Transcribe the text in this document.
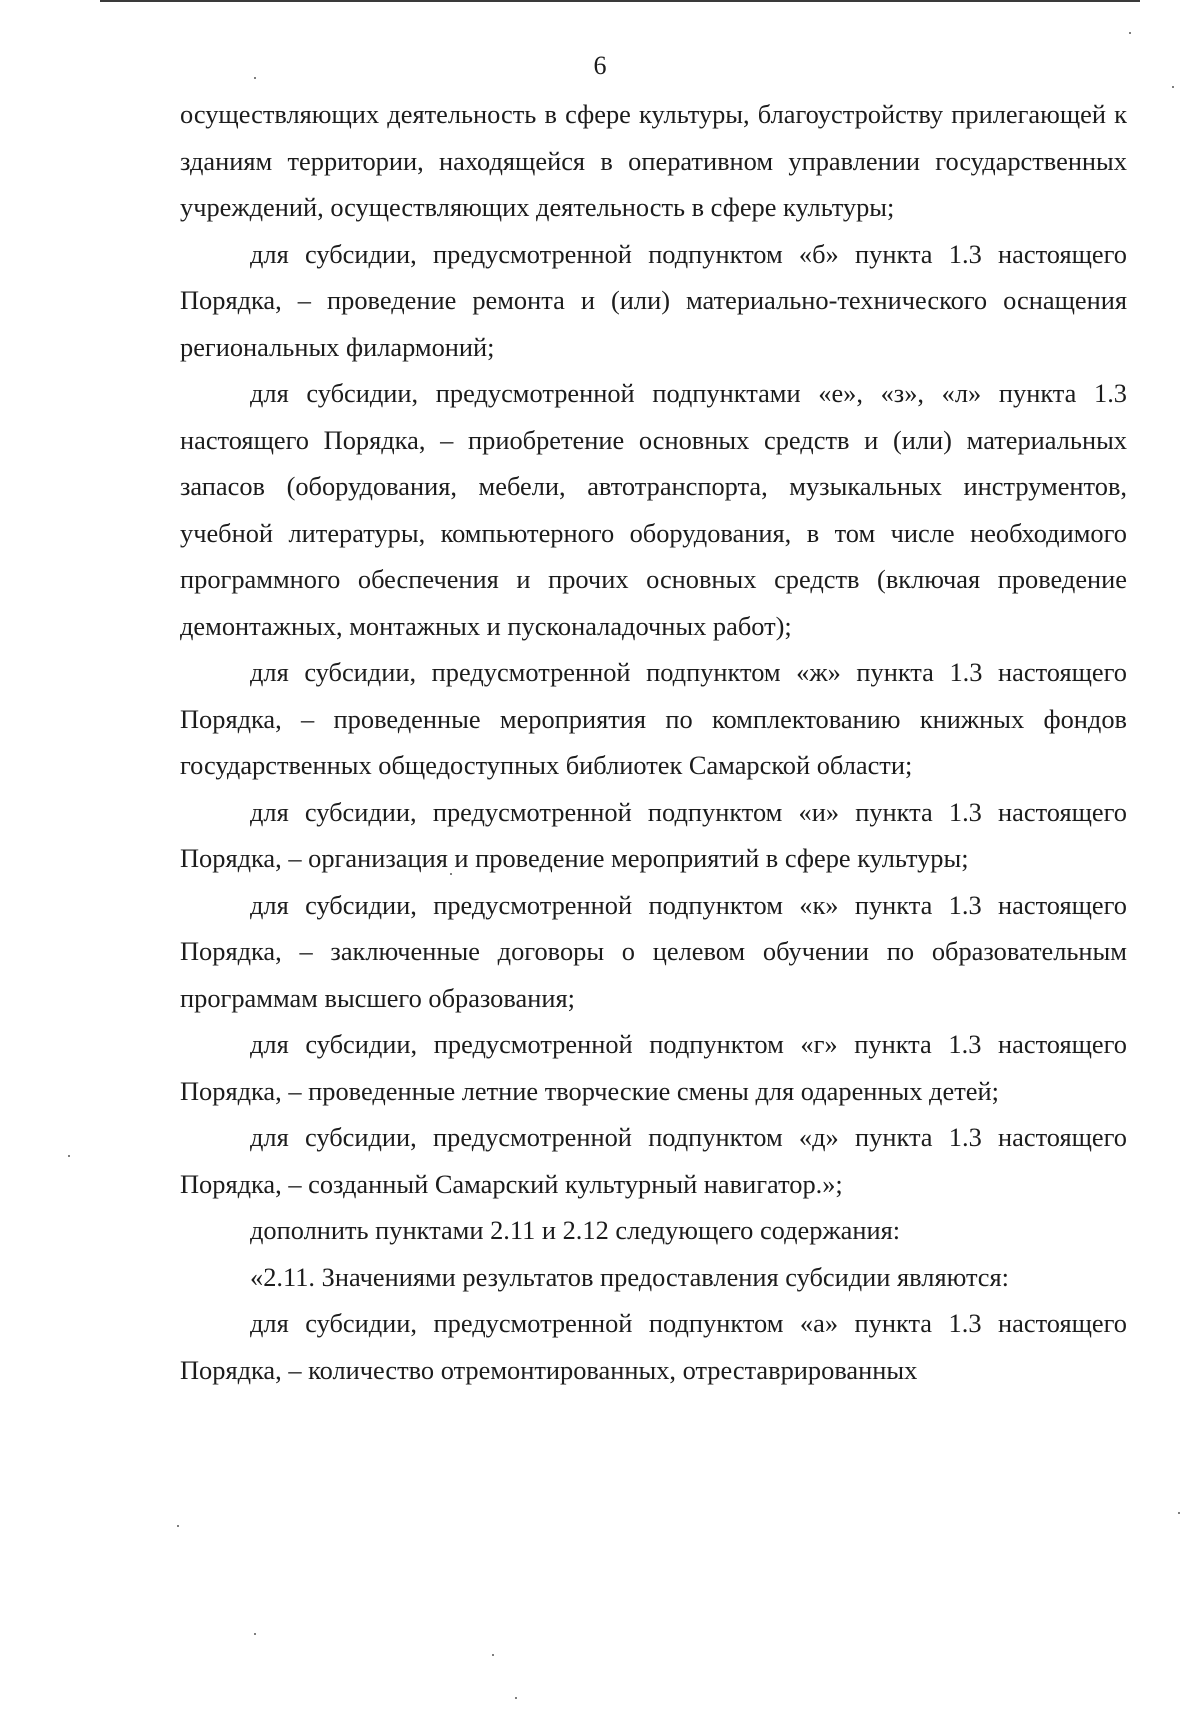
6

осуществляющих деятельность в сфере культуры, благоустройству прилегающей к зданиям территории, находящейся в оперативном управлении государственных учреждений, осуществляющих деятельность в сфере культуры;

для субсидии, предусмотренной подпунктом «б» пункта 1.3 настоящего Порядка, – проведение ремонта и (или) материально-технического оснащения региональных филармоний;

для субсидии, предусмотренной подпунктами «е», «з», «л» пункта 1.3 настоящего Порядка, – приобретение основных средств и (или) материальных запасов (оборудования, мебели, автотранспорта, музыкальных инструментов, учебной литературы, компьютерного оборудования, в том числе необходимого программного обеспечения и прочих основных средств (включая проведение демонтажных, монтажных и пусконаладочных работ);

для субсидии, предусмотренной подпунктом «ж» пункта 1.3 настоящего Порядка, – проведенные мероприятия по комплектованию книжных фондов государственных общедоступных библиотек Самарской области;

для субсидии, предусмотренной подпунктом «и» пункта 1.3 настоящего Порядка, – организация и проведение мероприятий в сфере культуры;

для субсидии, предусмотренной подпунктом «к» пункта 1.3 настоящего Порядка, – заключенные договоры о целевом обучении по образовательным программам высшего образования;

для субсидии, предусмотренной подпунктом «г» пункта 1.3 настоящего Порядка, – проведенные летние творческие смены для одаренных детей;

для субсидии, предусмотренной подпунктом «д» пункта 1.3 настоящего Порядка, – созданный Самарский культурный навигатор.»;

дополнить пунктами 2.11 и 2.12 следующего содержания:

«2.11. Значениями результатов предоставления субсидии являются:

для субсидии, предусмотренной подпунктом «а» пункта 1.3 настоящего Порядка, – количество отремонтированных, отреставрированных
